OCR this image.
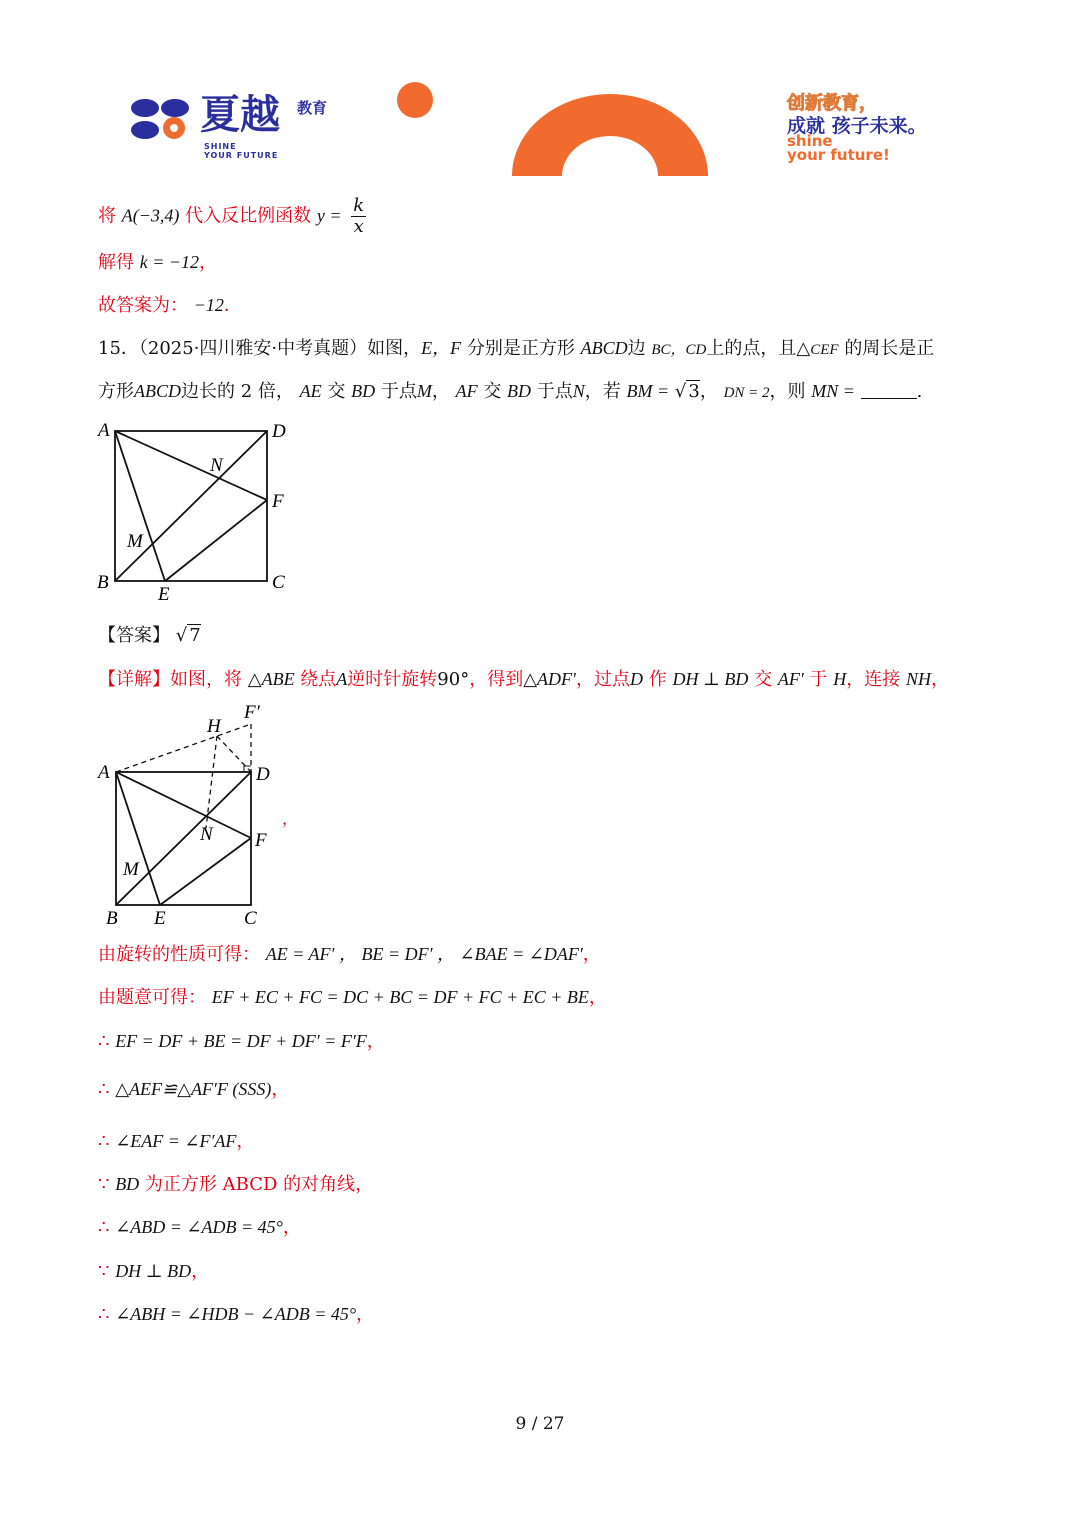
夏越 教育
SHINE
YOUR FUTURE
创新教育，
成就 孩子未来。
shine
your future!
将 A(−3,4) 代入反比例函数 $y = \frac{k}{x}$
解得 k = −12，
故答案为： −12．
15．（2025·四川雅安·中考真题）如图，E，F 分别是正方形 ABCD边 BC，CD上的点，且△CEF 的周长是正
方形ABCD边长的 2 倍， AE 交 BD 于点M， AF 交 BD 于点N，若 BM = √ 3， DN = 2，则 MN =	.
A	D
N
F
M
B
E
C
【答案】 √ 7
【详解】如图，将 △ABE 绕点A逆时针旋转90°，得到△ADF′，过点D 作 DH ⊥ BD 交 AF′ 于 H，连接 NH，
H
F′
A	D
N F
M
B E	C
，
由旋转的性质可得： AE = AF′ ， BE = DF′ ， ∠BAE = ∠DAF′，
由题意可得： EF + EC + FC = DC + BC = DF + FC + EC + BE，
∴ EF = DF + BE = DF + DF′ = F′F，
∴ △AEF≌△AF′F (SSS)，
∴ ∠EAF = ∠F′AF，
∵ BD 为正方形 ABCD 的对角线，
∴ ∠ABD = ∠ADB = 45°，
∵ DH ⊥ BD，
∴ ∠ABH = ∠HDB − ∠ADB = 45°，
9 / 27
